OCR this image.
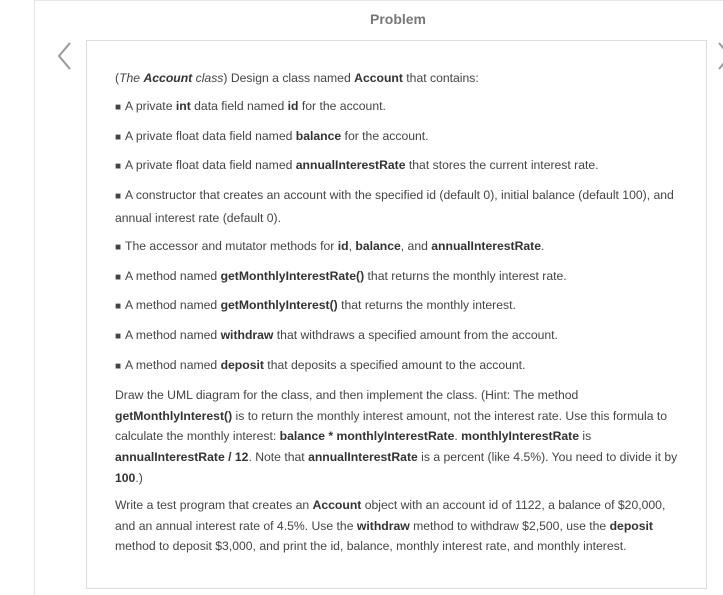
Problem

(The Account class) Design a class named Account that contains:

■ A private int data field named id for the account.

■ A private float data field named balance for the account.

■ A private float data field named annualInterestRate that stores the current interest rate.

■ A constructor that creates an account with the specified id (default 0), initial balance (default 100), and annual interest rate (default 0).

■ The accessor and mutator methods for id, balance, and annualInterestRate.

■ A method named getMonthlyInterestRate() that returns the monthly interest rate.

■ A method named getMonthlyInterest() that returns the monthly interest.

■ A method named withdraw that withdraws a specified amount from the account.

■ A method named deposit that deposits a specified amount to the account.

Draw the UML diagram for the class, and then implement the class. (Hint: The method getMonthlyInterest() is to return the monthly interest amount, not the interest rate. Use this formula to calculate the monthly interest: balance * monthlyInterestRate. monthlyInterestRate is annualInterestRate / 12. Note that annualInterestRate is a percent (like 4.5%). You need to divide it by 100.)

Write a test program that creates an Account object with an account id of 1122, a balance of $20,000, and an annual interest rate of 4.5%. Use the withdraw method to withdraw $2,500, use the deposit method to deposit $3,000, and print the id, balance, monthly interest rate, and monthly interest.
